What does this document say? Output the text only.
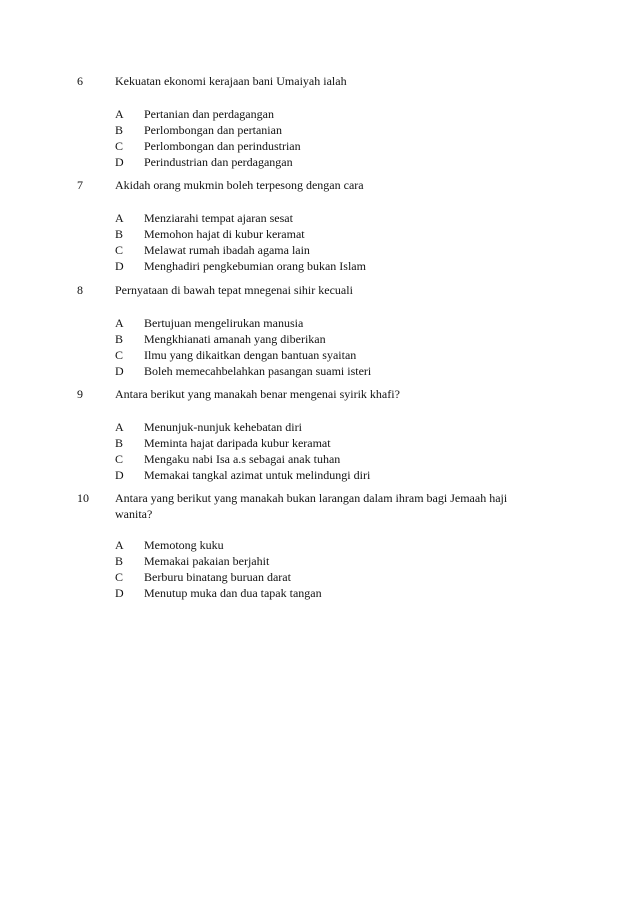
6	Kekuatan ekonomi kerajaan bani Umaiyah ialah
A Pertanian dan perdagangan
B Perlombongan dan pertanian
C Perlombongan dan perindustrian
D Perindustrian dan perdagangan
7	Akidah orang mukmin boleh terpesong dengan cara
A Menziarahi tempat ajaran sesat
B Memohon hajat di kubur keramat
C Melawat rumah ibadah agama lain
D Menghadiri pengkebumian orang bukan Islam
8	Pernyataan di bawah tepat mnegenai sihir kecuali
A Bertujuan mengelirukan manusia
B Mengkhianati amanah yang diberikan
C Ilmu yang dikaitkan dengan bantuan syaitan
D Boleh memecahbelahkan pasangan suami isteri
9	Antara berikut yang manakah benar mengenai syirik khafi?
A Menunjuk-nunjuk kehebatan diri
B Meminta hajat daripada kubur keramat
C Mengaku nabi Isa a.s sebagai anak tuhan
D Memakai tangkal azimat untuk melindungi diri
10 Antara yang berikut yang manakah bukan larangan dalam ihram bagi Jemaah haji wanita?
A Memotong kuku
B Memakai pakaian berjahit
C Berburu binatang buruan darat
D Menutup muka dan dua tapak tangan
